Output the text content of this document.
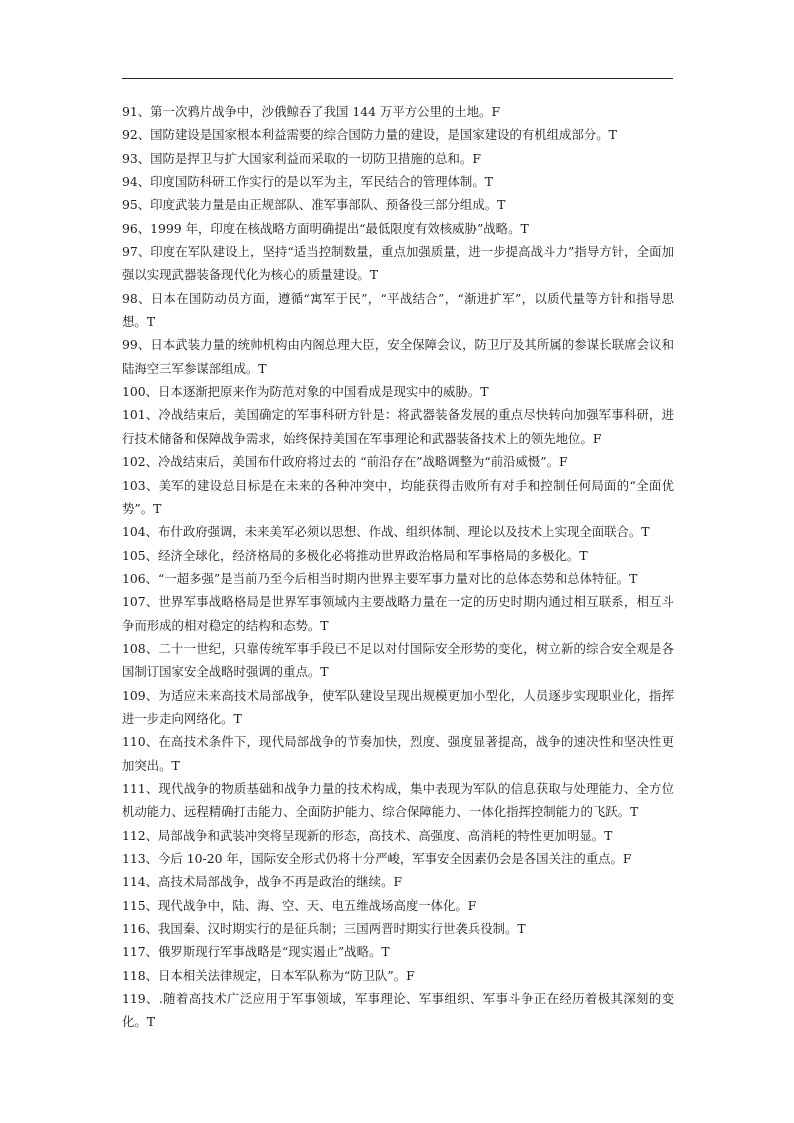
91、第一次鸦片战争中，沙俄鲸吞了我国 144 万平方公里的土地。F

92、国防建设是国家根本利益需要的综合国防力量的建设，是国家建设的有机组成部分。T

93、国防是捍卫与扩大国家利益而采取的一切防卫措施的总和。F

94、印度国防科研工作实行的是以军为主，军民结合的管理体制。T

95、印度武装力量是由正规部队、准军事部队、预备役三部分组成。T

96、1999 年，印度在核战略方面明确提出“最低限度有效核威胁”战略。T

97、印度在军队建设上，坚持“适当控制数量，重点加强质量，进一步提高战斗力”指导方针，全面加强以实现武器装备现代化为核心的质量建设。T

98、日本在国防动员方面，遵循“寓军于民”，“平战结合”，“渐进扩军”，以质代量等方针和指导思想。T

99、日本武装力量的统帅机构由内阁总理大臣，安全保障会议，防卫厅及其所属的参谋长联席会议和陆海空三军参谋部组成。T

100、日本逐渐把原来作为防范对象的中国看成是现实中的威胁。T

101、冷战结束后，美国确定的军事科研方针是：将武器装备发展的重点尽快转向加强军事科研，进行技术储备和保障战争需求，始终保持美国在军事理论和武器装备技术上的领先地位。F

102、冷战结束后，美国布什政府将过去的 “前沿存在”战略调整为“前沿威慑”。F

103、美军的建设总目标是在未来的各种冲突中，均能获得击败所有对手和控制任何局面的“全面优势”。T

104、布什政府强调，未来美军必须以思想、作战、组织体制、理论以及技术上实现全面联合。T

105、经济全球化，经济格局的多极化必将推动世界政治格局和军事格局的多极化。T

106、“一超多强”是当前乃至今后相当时期内世界主要军事力量对比的总体态势和总体特征。T

107、世界军事战略格局是世界军事领域内主要战略力量在一定的历史时期内通过相互联系，相互斗争而形成的相对稳定的结构和态势。T

108、二十一世纪，只靠传统军事手段已不足以对付国际安全形势的变化，树立新的综合安全观是各国制订国家安全战略时强调的重点。T

109、为适应未来高技术局部战争，使军队建设呈现出规模更加小型化，人员逐步实现职业化，指挥进一步走向网络化。T

110、在高技术条件下，现代局部战争的节奏加快，烈度、强度显著提高，战争的速决性和坚决性更加突出。T

111、现代战争的物质基础和战争力量的技术构成，集中表现为军队的信息获取与处理能力、全方位机动能力、远程精确打击能力、全面防护能力、综合保障能力、一体化指挥控制能力的飞跃。T

112、局部战争和武装冲突将呈现新的形态，高技术、高强度、高消耗的特性更加明显。T

113、今后 10-20 年，国际安全形式仍将十分严峻，军事安全因素仍会是各国关注的重点。F

114、高技术局部战争，战争不再是政治的继续。F

115、现代战争中，陆、海、空、天、电五维战场高度一体化。F

116、我国秦、汉时期实行的是征兵制；三国两晋时期实行世袭兵役制。T

117、俄罗斯现行军事战略是“现实遏止”战略。T

118、日本相关法律规定，日本军队称为“防卫队”。F

119、.随着高技术广泛应用于军事领域，军事理论、军事组织、军事斗争正在经历着极其深刻的变化。T
